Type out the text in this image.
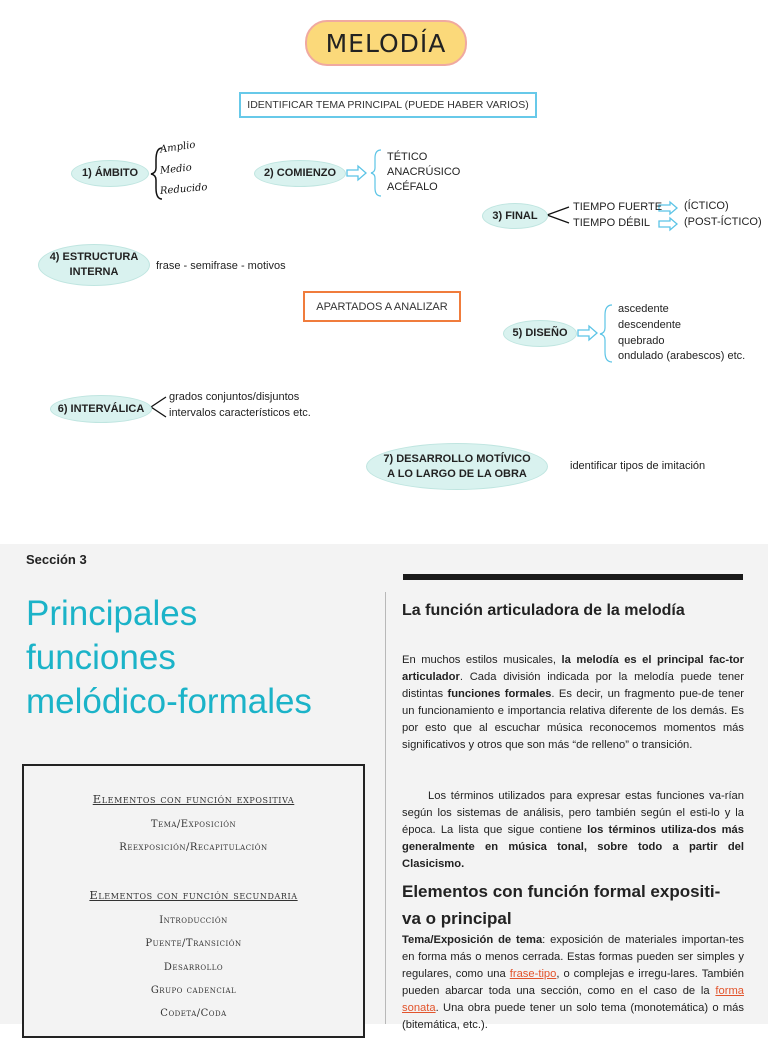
MELODÍA
IDENTIFICAR TEMA PRINCIPAL (PUEDE HABER VARIOS)
APARTADOS A ANALIZAR
1) ÁMBITO	2) COMIENZO
3) FINAL
4) ESTRUCTURA
INTERNA
5) DISEÑO
6) INTERVÁLICA
7) DESARROLLO MOTÍVICO
A LO LARGO DE LA OBRA
Amplio
Medio
Reducido
TÉTICO
ANACRÚSICO
ACÉFALO
TIEMPO FUERTE
TIEMPO DÉBIL
(ÍCTICO)
(POST-ÍCTICO)
frase - semifrase - motivos
ascedente
descendente
quebrado
ondulado (arabescos) etc.
grados conjuntos/disjuntos
intervalos característicos etc.
identificar tipos de imitación
Sección 3
Principales
funciones
melódico-formales
Elementos con función expositiva
Tema/Exposición
Reexposición/Recapitulación
Elementos con función secundaria
Introducción
Puente/Transición
Desarrollo
Grupo cadencial
Codeta/Coda
La función articuladora de la melodía
En muchos estilos musicales, la melodía es el principal fac-tor articulador. Cada división indicada por la melodía puede tener distintas funciones formales. Es decir, un fragmento pue-de tener un funcionamiento e importancia relativa diferente de los demás. Es por esto que al escuchar música reconocemos momentos más significativos y otros que son más “de relleno” o transición.
Los términos utilizados para expresar estas funciones va-rían según los sistemas de análisis, pero también según el esti-lo y la época. La lista que sigue contiene los términos utiliza-dos más generalmente en música tonal, sobre todo a partir del Clasicismo.
Elementos con función formal expositi-
va o principal
Tema/Exposición de tema: exposición de materiales importan-tes en forma más o menos cerrada. Estas formas pueden ser simples y regulares, como una frase-tipo, o complejas e irregu-lares. También pueden abarcar toda una sección, como en el caso de la forma sonata. Una obra puede tener un solo tema (monotemática) o más (bitemática, etc.).
